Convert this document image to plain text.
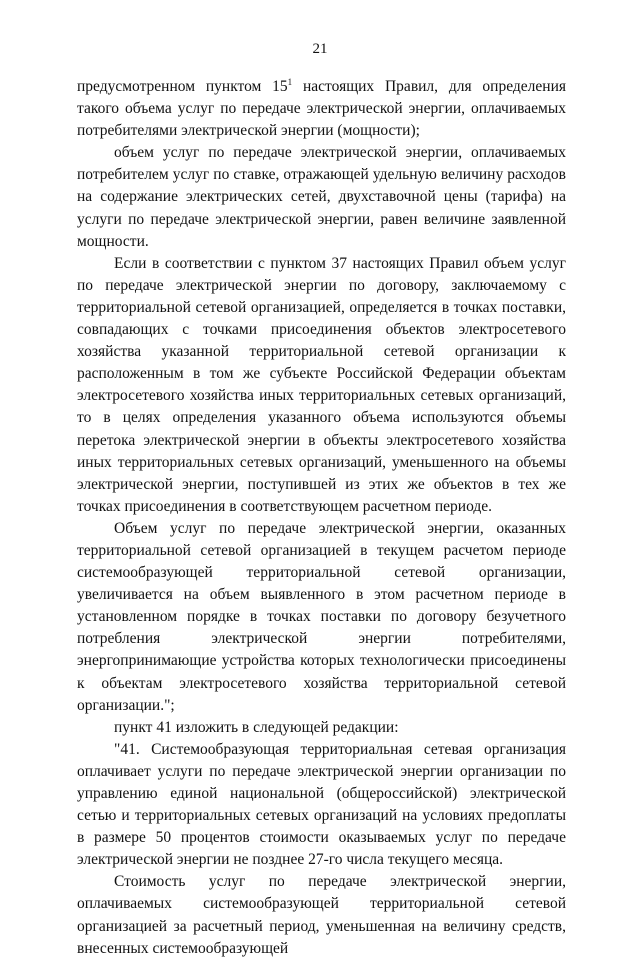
21

предусмотренном пунктом $15^1$ настоящих Правил, для определения такого объема услуг по передаче электрической энергии, оплачиваемых потребителями электрической энергии (мощности);

объем услуг по передаче электрической энергии, оплачиваемых потребителем услуг по ставке, отражающей удельную величину расходов на содержание электрических сетей, двухставочной цены (тарифа) на услуги по передаче электрической энергии, равен величине заявленной мощности.

Если в соответствии с пунктом 37 настоящих Правил объем услуг по передаче электрической энергии по договору, заключаемому с территориальной сетевой организацией, определяется в точках поставки, совпадающих с точками присоединения объектов электросетевого хозяйства указанной территориальной сетевой организации к расположенным в том же субъекте Российской Федерации объектам электросетевого хозяйства иных территориальных сетевых организаций, то в целях определения указанного объема используются объемы перетока электрической энергии в объекты электросетевого хозяйства иных территориальных сетевых организаций, уменьшенного на объемы электрической энергии, поступившей из этих же объектов в тех же точках присоединения в соответствующем расчетном периоде.

Объем услуг по передаче электрической энергии, оказанных территориальной сетевой организацией в текущем расчетом периоде системообразующей территориальной сетевой организации, увеличивается на объем выявленного в этом расчетном периоде в установленном порядке в точках поставки по договору безучетного потребления электрической энергии потребителями, энергопринимающие устройства которых технологически присоединены к объектам электросетевого хозяйства территориальной сетевой организации.";

пункт 41 изложить в следующей редакции:

"41. Системообразующая территориальная сетевая организация оплачивает услуги по передаче электрической энергии организации по управлению единой национальной (общероссийской) электрической сетью и территориальных сетевых организаций на условиях предоплаты в размере 50 процентов стоимости оказываемых услуг по передаче электрической энергии не позднее 27-го числа текущего месяца.

Стоимость услуг по передаче электрической энергии, оплачиваемых системообразующей территориальной сетевой организацией за расчетный период, уменьшенная на величину средств, внесенных системообразующей
